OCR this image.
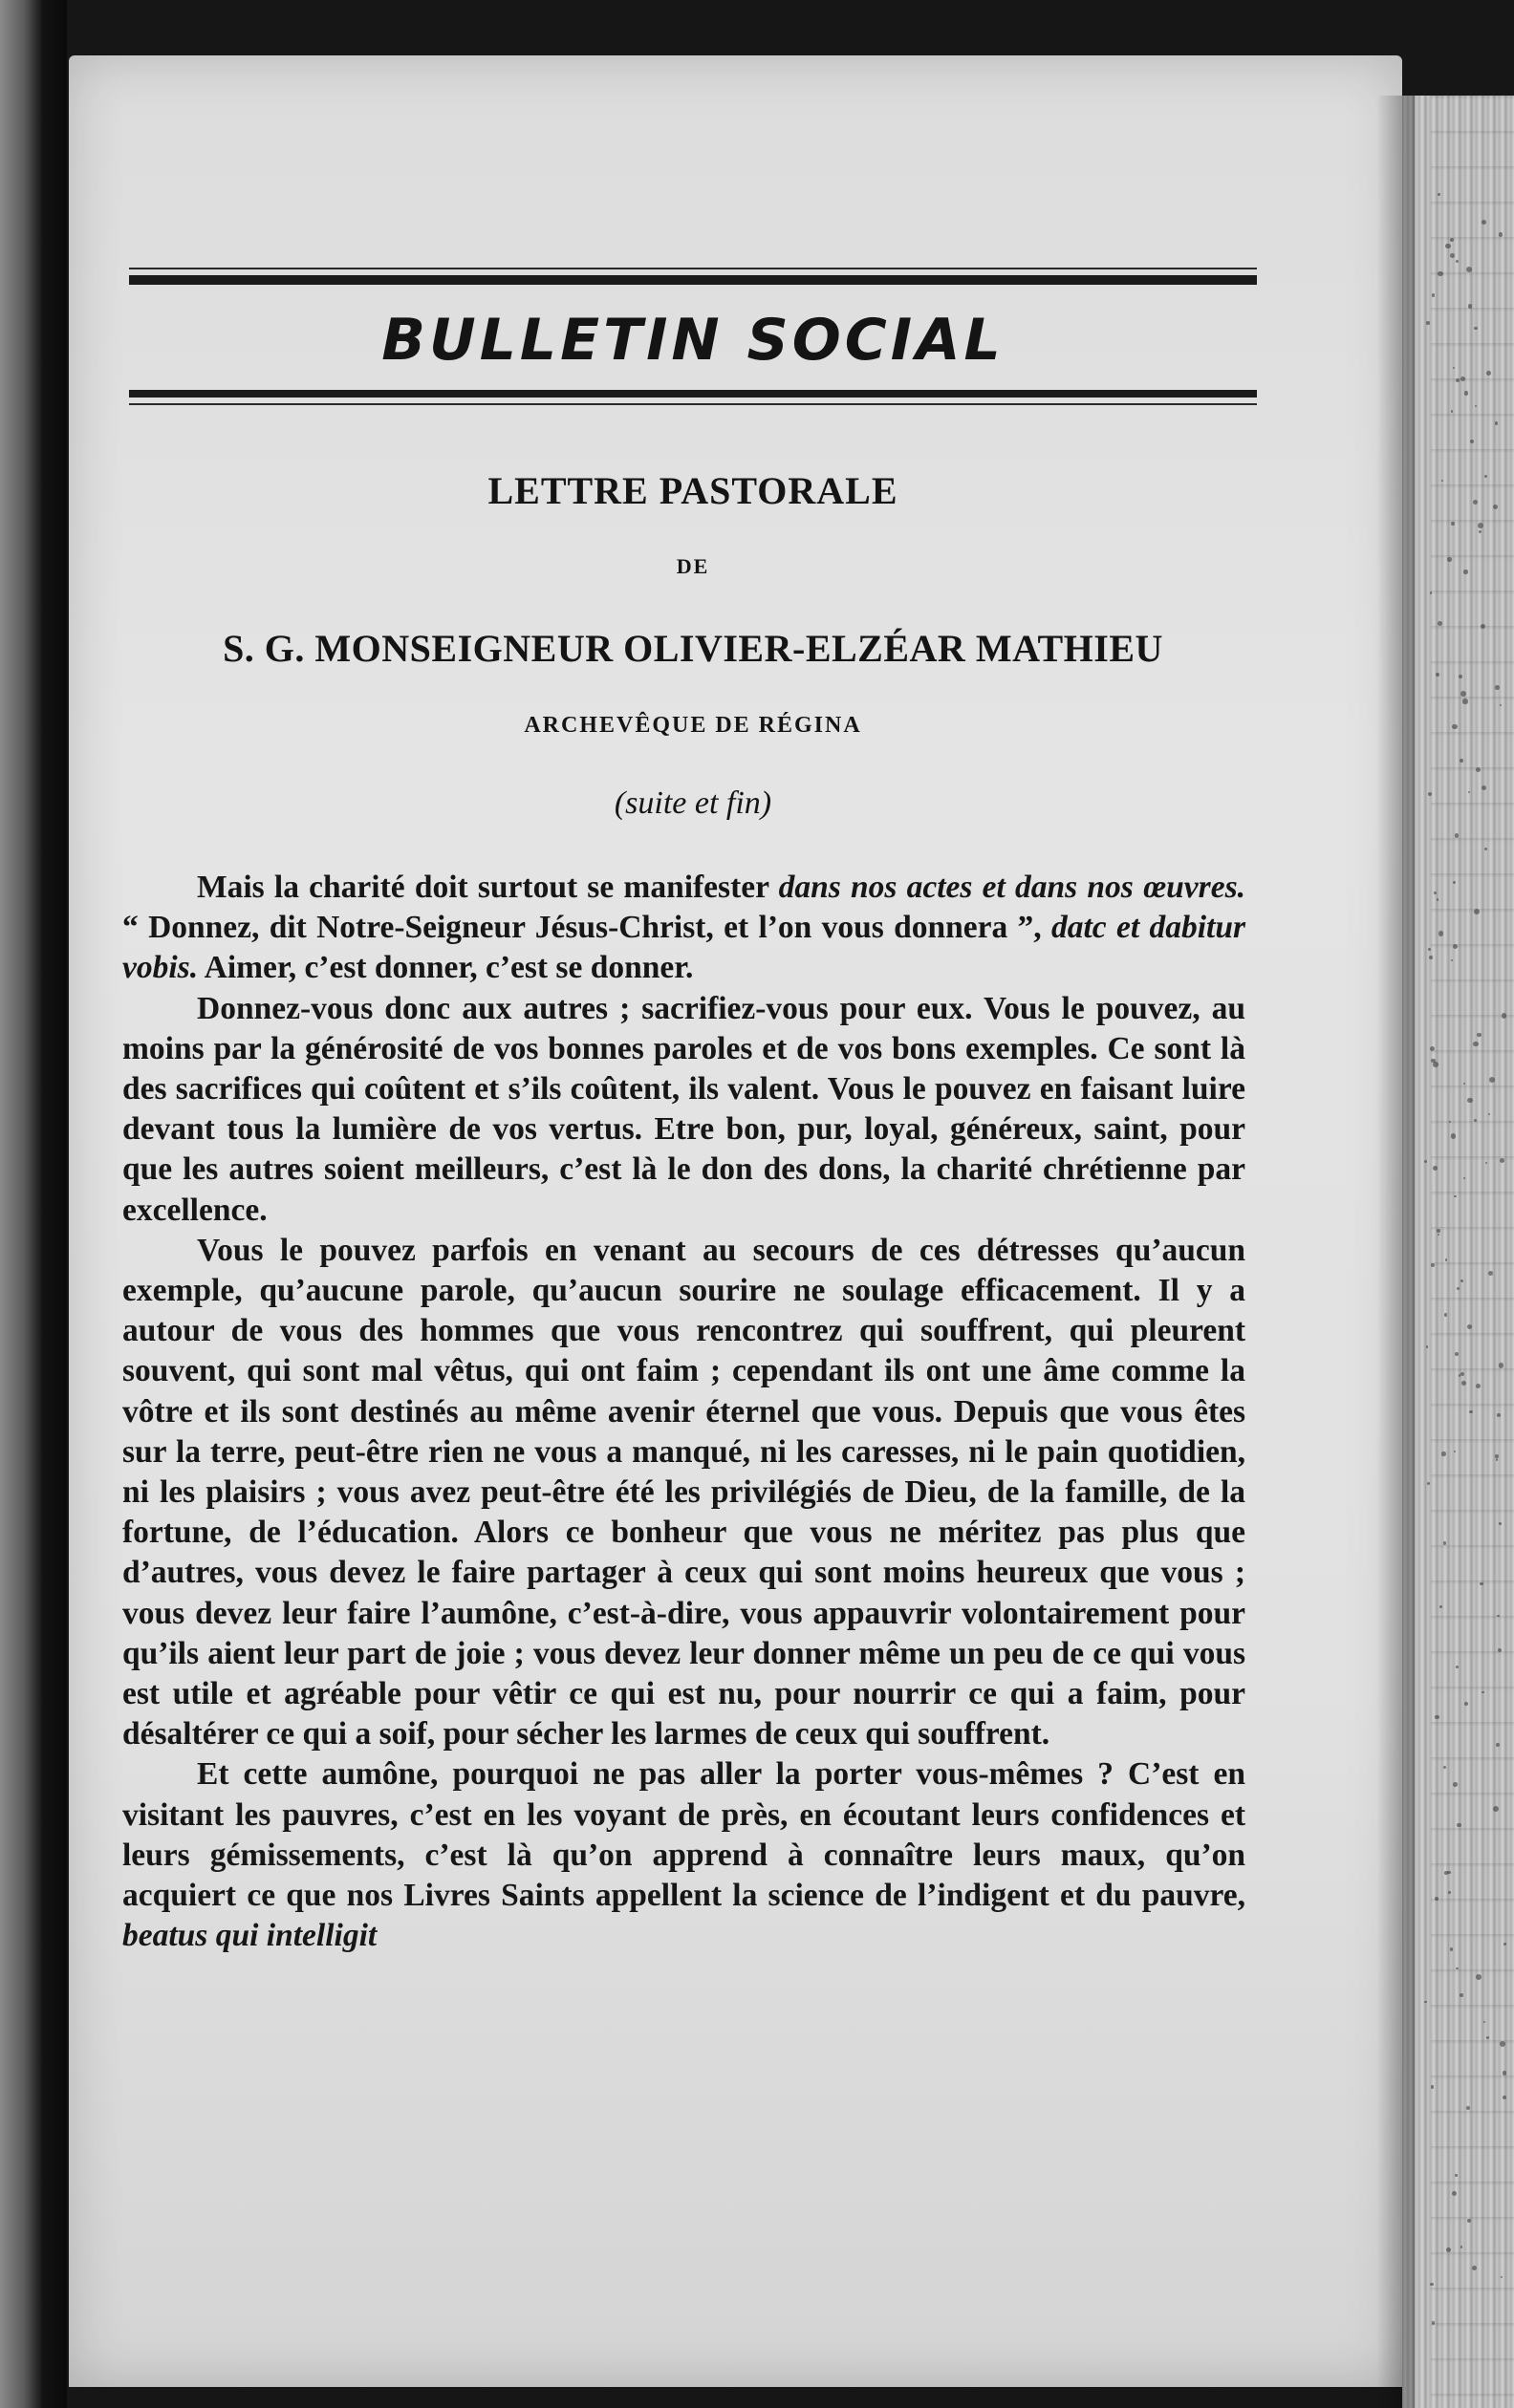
BULLETIN SOCIAL
LETTRE PASTORALE
DE
S. G. MONSEIGNEUR OLIVIER-ELZÉAR MATHIEU
ARCHEVÊQUE DE RÉGINA
(suite et fin)

Mais la charité doit surtout se manifester dans nos actes et dans nos œuvres. “ Donnez, dit Notre-Seigneur Jésus-Christ, et l’on vous donnera ”, datc et dabitur vobis. Aimer, c’est donner, c’est se donner.

Donnez-vous donc aux autres ; sacrifiez-vous pour eux. Vous le pouvez, au moins par la générosité de vos bonnes paroles et de vos bons exemples. Ce sont là des sacrifices qui coûtent et s’ils coûtent, ils valent. Vous le pouvez en faisant luire devant tous la lumière de vos vertus. Etre bon, pur, loyal, généreux, saint, pour que les autres soient meilleurs, c’est là le don des dons, la charité chrétienne par excellence.

Vous le pouvez parfois en venant au secours de ces détresses qu’aucun exemple, qu’aucune parole, qu’aucun sourire ne soulage efficacement. Il y a autour de vous des hommes que vous rencontrez qui souffrent, qui pleurent souvent, qui sont mal vêtus, qui ont faim ; cependant ils ont une âme comme la vôtre et ils sont destinés au même avenir éternel que vous. Depuis que vous êtes sur la terre, peut-être rien ne vous a manqué, ni les caresses, ni le pain quotidien, ni les plaisirs ; vous avez peut-être été les privilégiés de Dieu, de la famille, de la fortune, de l’éducation. Alors ce bonheur que vous ne méritez pas plus que d’autres, vous devez le faire partager à ceux qui sont moins heureux que vous ; vous devez leur faire l’aumône, c’est-à-dire, vous appauvrir volontairement pour qu’ils aient leur part de joie ; vous devez leur donner même un peu de ce qui vous est utile et agréable pour vêtir ce qui est nu, pour nourrir ce qui a faim, pour désaltérer ce qui a soif, pour sécher les larmes de ceux qui souffrent.

Et cette aumône, pourquoi ne pas aller la porter vous-mêmes ? C’est en visitant les pauvres, c’est en les voyant de près, en écoutant leurs confidences et leurs gémissements, c’est là qu’on apprend à connaître leurs maux, qu’on acquiert ce que nos Livres Saints appellent la science de l’indigent et du pauvre, beatus qui intelligit
